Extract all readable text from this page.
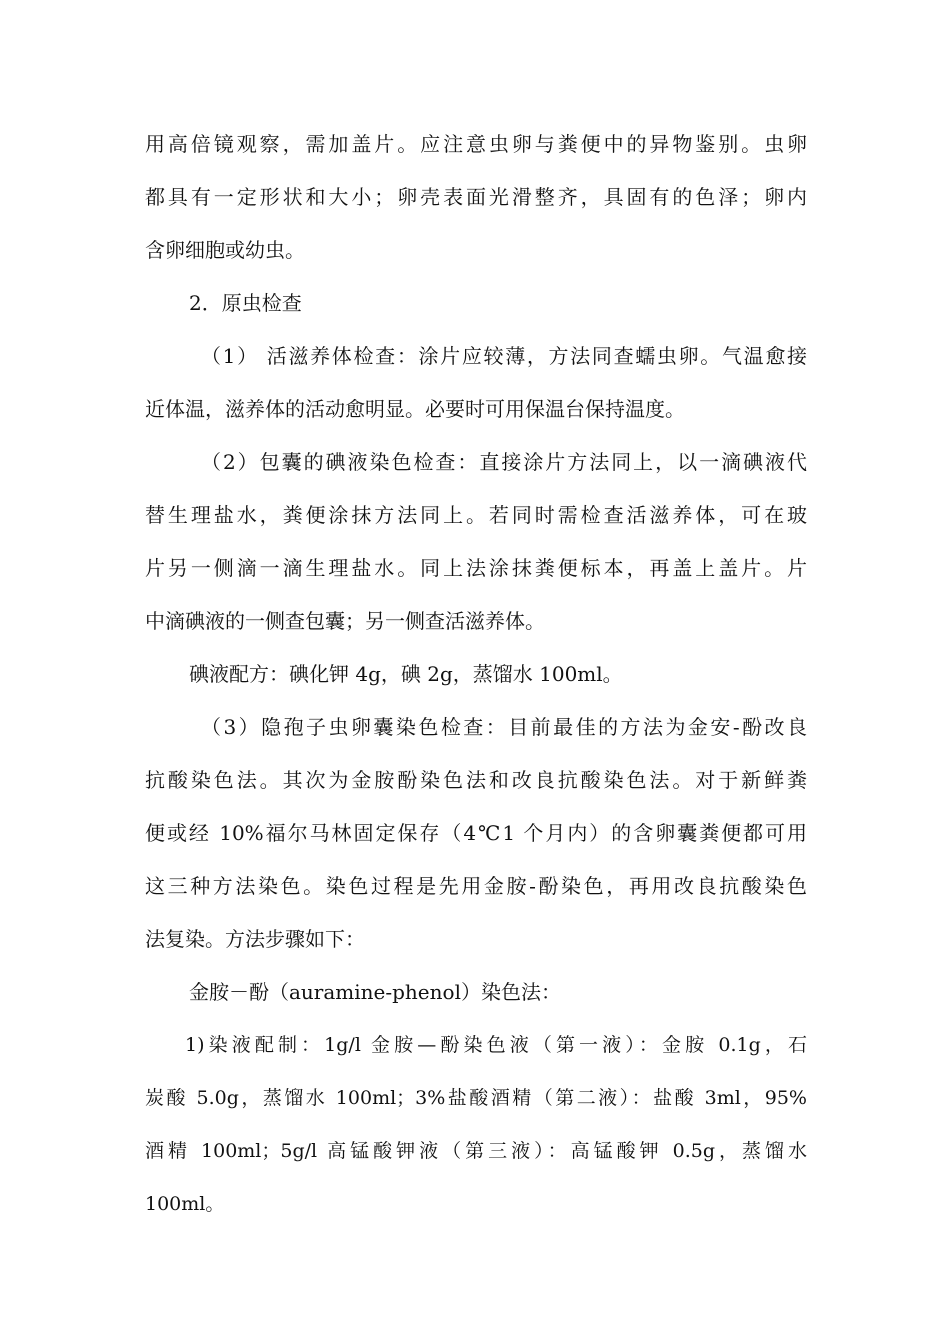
用高倍镜观察，需加盖片。应注意虫卵与粪便中的异物鉴别。虫卵
都具有一定形状和大小；卵壳表面光滑整齐，具固有的色泽；卵内
含卵细胞或幼虫。
2．原虫检查
（1） 活滋养体检查：涂片应较薄，方法同查蠕虫卵。气温愈接
近体温，滋养体的活动愈明显。必要时可用保温台保持温度。
（2）包囊的碘液染色检查：直接涂片方法同上，以一滴碘液代
替生理盐水，粪便涂抹方法同上。若同时需检查活滋养体，可在玻
片另一侧滴一滴生理盐水。同上法涂抹粪便标本，再盖上盖片。片
中滴碘液的一侧查包囊；另一侧查活滋养体。
碘液配方：碘化钾 4g，碘 2g，蒸馏水 100ml。
（3）隐孢子虫卵囊染色检查：目前最佳的方法为金安-酚改良
抗酸染色法。其次为金胺酚染色法和改良抗酸染色法。对于新鲜粪
便或经 10%福尔马林固定保存（4℃1 个月内）的含卵囊粪便都可用
这三种方法染色。染色过程是先用金胺-酚染色，再用改良抗酸染色
法复染。方法步骤如下：
金胺－酚（auramine-phenol）染色法：
1)染液配制：1g/l 金胺—酚染色液（第一液）：金胺 0.1g，石
炭酸 5.0g，蒸馏水 100ml；3%盐酸酒精（第二液）：盐酸 3ml，95%
酒精 100ml；5g/l 高锰酸钾液（第三液）：高锰酸钾 0.5g，蒸馏水
100ml。
